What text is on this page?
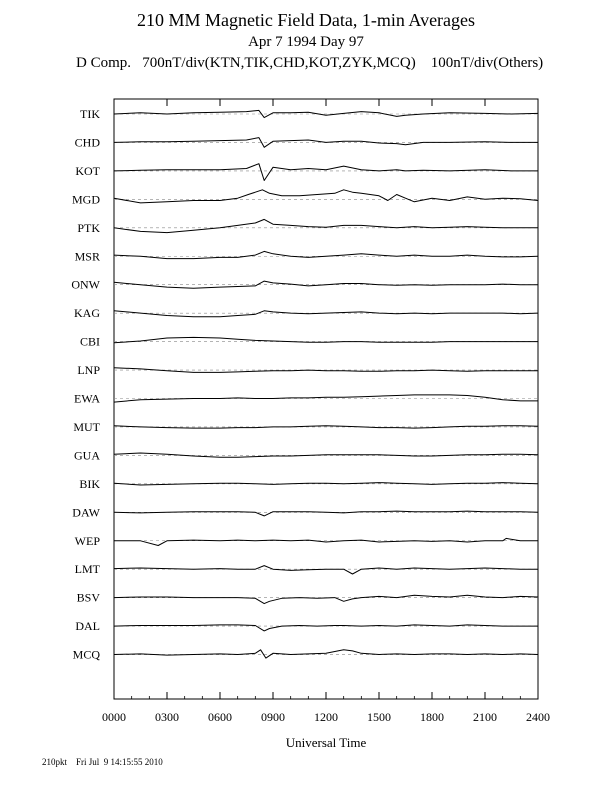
210 MM Magnetic Field Data, 1-min Averages
Apr 7 1994 Day 97
D Comp.   700nT/div(KTN,TIK,CHD,KOT,ZYK,MCQ)    100nT/div(Others)
TIK
CHD
KOT
MGD
PTK
MSR
ONW
KAG
CBI
LNP
EWA
MUT
GUA
BIK
DAW
WEP
LMT
BSV
DAL
MCQ
0000 0300 0600 0900 1200 1500 1800 2100 2400
Universal Time
210pkt    Fri Jul  9 14:15:55 2010
